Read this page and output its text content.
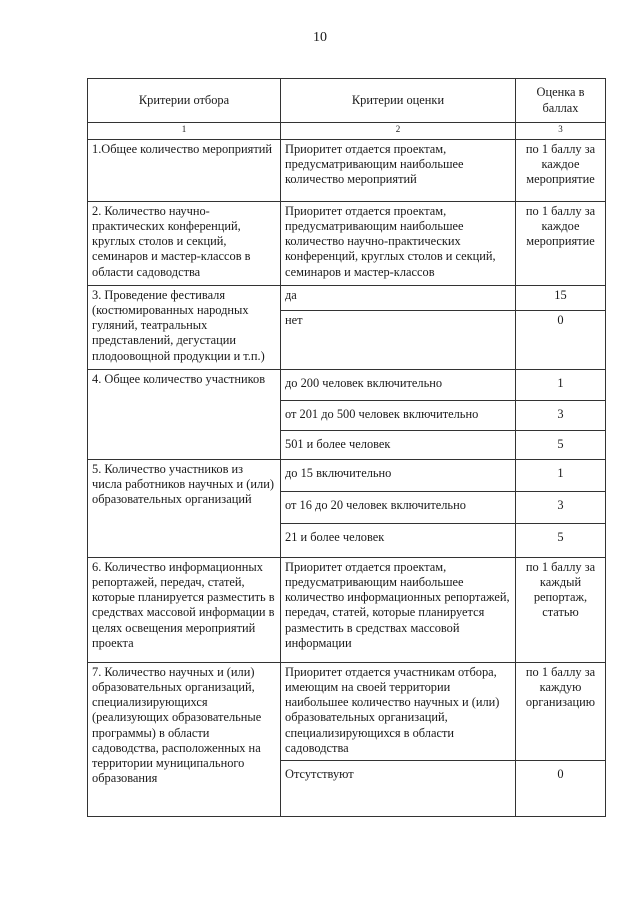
10
Критерии отбора	Критерии оценки	Оценка в баллах
1	2	3
1.Общее количество мероприятий	Приоритет отдается проектам, предусматривающим наибольшее количество мероприятий	по 1 баллу за каждое мероприятие
2. Количество научно-практических конференций, круглых столов и секций, семинаров и мастер-классов в области садоводства	Приоритет отдается проектам, предусматривающим наибольшее количество научно-практических конференций, круглых столов и секций, семинаров и мастер-классов	по 1 баллу за каждое мероприятие
3. Проведение фестиваля (костюмированных народных гуляний, театральных представлений, дегустации плодоовощной продукции и т.п.)	да	15
	нет	0
4. Общее количество участников	до 200 человек включительно	1
	от 201 до 500 человек включительно	3
	501 и более человек	5
5. Количество участников из числа работников научных и (или) образовательных организаций	до 15 включительно	1
	от 16 до 20 человек включительно	3
	21 и более человек	5
6. Количество информационных репортажей, передач, статей, которые планируется разместить в средствах массовой информации в целях освещения мероприятий проекта	Приоритет отдается проектам, предусматривающим наибольшее количество информационных репортажей, передач, статей, которые планируется разместить в средствах массовой информации	по 1 баллу за каждый репортаж, статью
7. Количество научных и (или) образовательных организаций, специализирующихся (реализующих образовательные программы) в области садоводства, расположенных на территории муниципального образования	Приоритет отдается участникам отбора, имеющим на своей территории наибольшее количество научных и (или) образовательных организаций, специализирующихся в области садоводства	по 1 баллу за каждую организацию
	Отсутствуют	0
